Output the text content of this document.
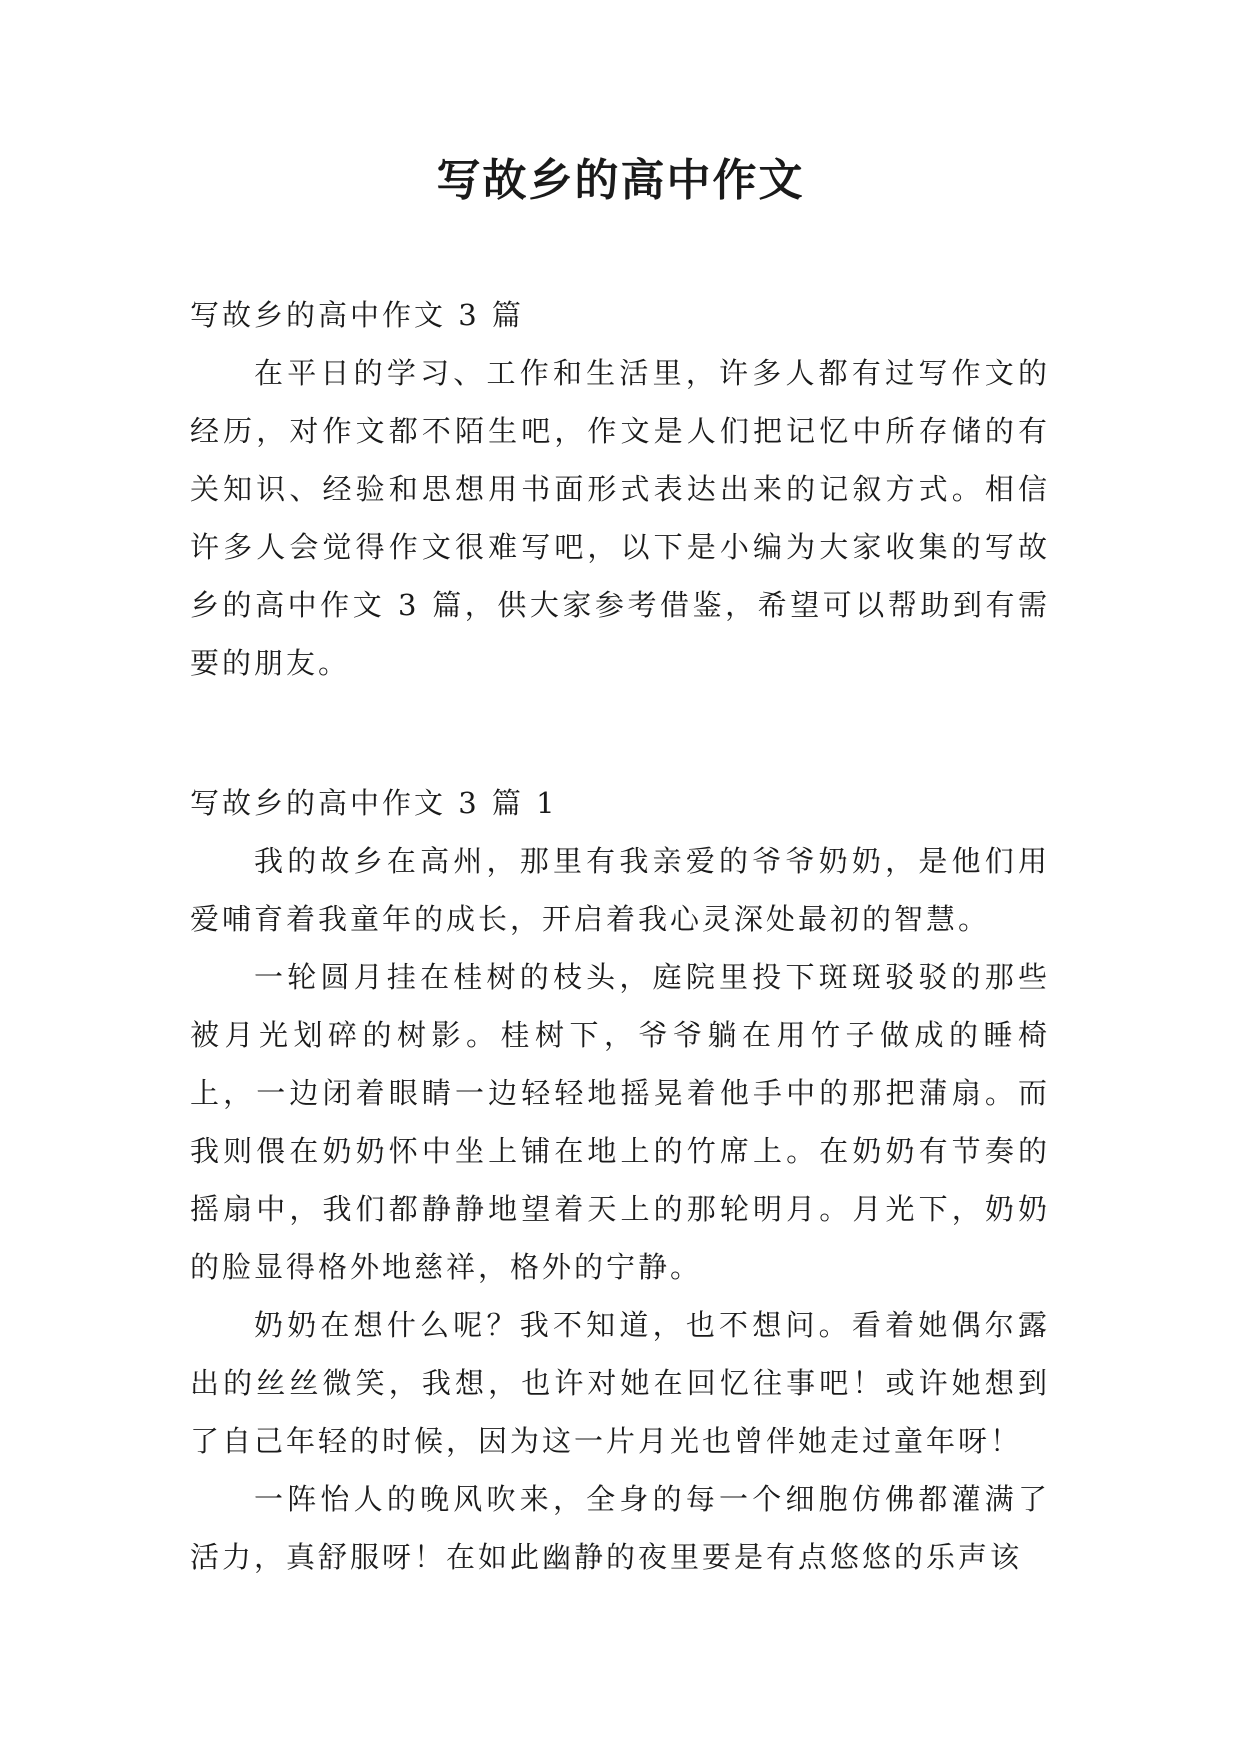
写故乡的高中作文

写故乡的高中作文 3 篇

在平日的学习、工作和生活里，许多人都有过写作文的经历，对作文都不陌生吧，作文是人们把记忆中所存储的有关知识、经验和思想用书面形式表达出来的记叙方式。相信许多人会觉得作文很难写吧，以下是小编为大家收集的写故乡的高中作文 3 篇，供大家参考借鉴，希望可以帮助到有需要的朋友。

写故乡的高中作文 3 篇 1

我的故乡在高州，那里有我亲爱的爷爷奶奶，是他们用爱哺育着我童年的成长，开启着我心灵深处最初的智慧。

一轮圆月挂在桂树的枝头，庭院里投下斑斑驳驳的那些被月光划碎的树影。桂树下，爷爷躺在用竹子做成的睡椅上，一边闭着眼睛一边轻轻地摇晃着他手中的那把蒲扇。而我则偎在奶奶怀中坐上铺在地上的竹席上。在奶奶有节奏的摇扇中，我们都静静地望着天上的那轮明月。月光下，奶奶的脸显得格外地慈祥，格外的宁静。

奶奶在想什么呢？我不知道，也不想问。看着她偶尔露出的丝丝微笑，我想，也许对她在回忆往事吧！或许她想到了自己年轻的时候，因为这一片月光也曾伴她走过童年呀！

一阵怡人的晚风吹来，全身的每一个细胞仿佛都灌满了活力，真舒服呀！在如此幽静的夜里要是有点悠悠的乐声该
